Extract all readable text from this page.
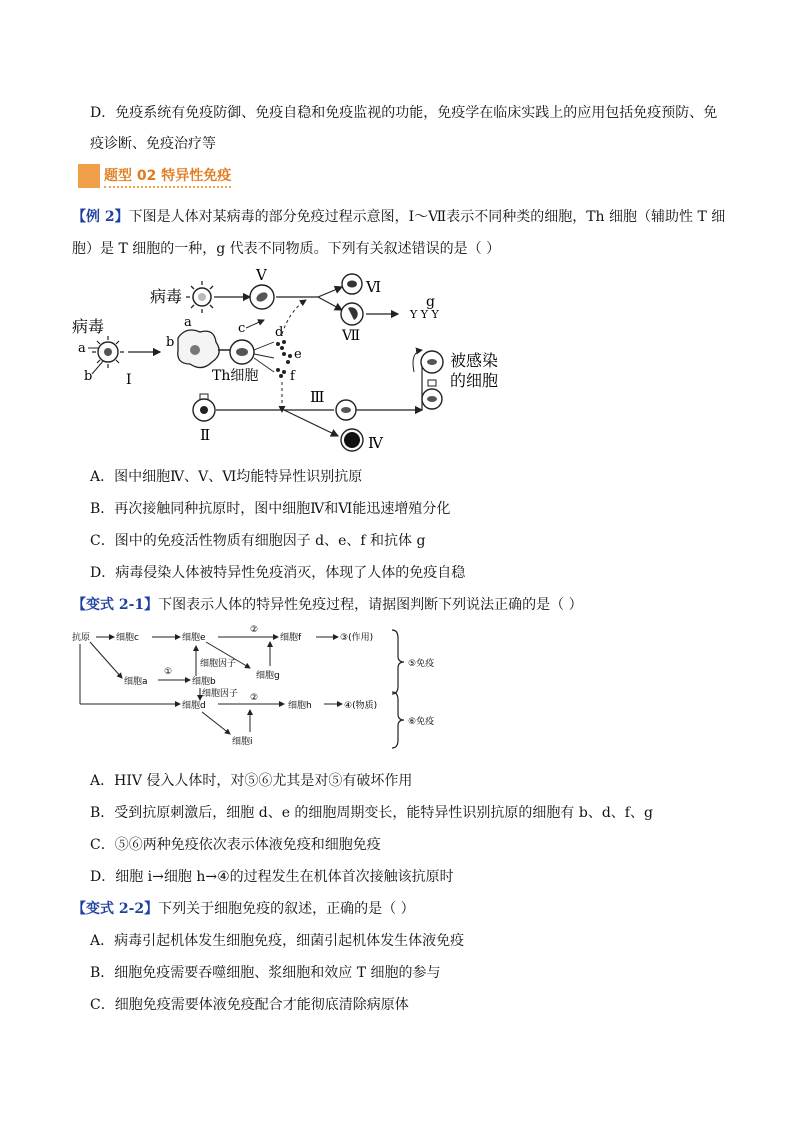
D．免疫系统有免疫防御、免疫自稳和免疫监视的功能，免疫学在临床实践上的应用包括免疫预防、免
疫诊断、免疫治疗等
题型 02 特异性免疫
【例 2】下图是人体对某病毒的部分免疫过程示意图，Ⅰ～Ⅶ表示不同种类的细胞，Th 细胞（辅助性 T 细
胞）是 T 细胞的一种，g 代表不同物质。下列有关叙述错误的是（ ）
病毒
Ⅴ
Ⅵ
Ⅶ
Y Y Y
g
病毒
a
b Ⅰ
b
a	c
Th细胞
d
e
f
Ⅱ
Ⅲ
Ⅳ
被感染
的细胞
A．图中细胞Ⅳ、Ⅴ、Ⅵ均能特异性识别抗原
B．再次接触同种抗原时，图中细胞Ⅳ和Ⅵ能迅速增殖分化
C．图中的免疫活性物质有细胞因子 d、e、f 和抗体 g
D．病毒侵染人体被特异性免疫消灭，体现了人体的免疫自稳
【变式 2-1】下图表示人体的特异性免疫过程，请据图判断下列说法正确的是（ ）
抗原	细胞c	细胞e
②
细胞f	③(作用)
细胞g
细胞因子
细胞a
①
细胞b
细胞因子
细胞d
②
细胞h	④(物质)
细胞i
⑤免疫
⑥免疫
A．HIV 侵入人体时，对⑤⑥尤其是对⑤有破坏作用
B．受到抗原刺激后，细胞 d、e 的细胞周期变长，能特异性识别抗原的细胞有 b、d、f、g
C．⑤⑥两种免疫依次表示体液免疫和细胞免疫
D．细胞 i→细胞 h→④的过程发生在机体首次接触该抗原时
【变式 2-2】下列关于细胞免疫的叙述，正确的是（ ）
A．病毒引起机体发生细胞免疫，细菌引起机体发生体液免疫
B．细胞免疫需要吞噬细胞、浆细胞和效应 T 细胞的参与
C．细胞免疫需要体液免疫配合才能彻底清除病原体
